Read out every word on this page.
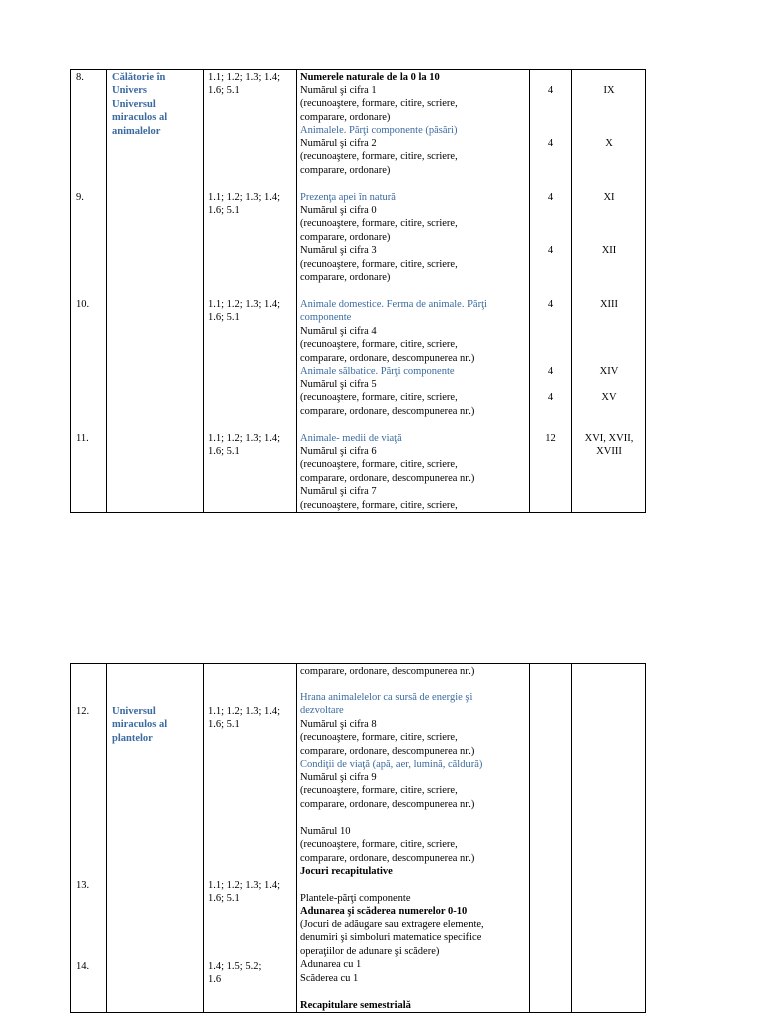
8.
9.
10.
11.
Călătorie în
Univers
Universul
miraculos al
animalelor
1.1; 1.2; 1.3; 1.4;
1.6; 5.1
1.1; 1.2; 1.3; 1.4;
1.6; 5.1
1.1; 1.2; 1.3; 1.4;
1.6; 5.1
1.1; 1.2; 1.3; 1.4;
1.6; 5.1
Numerele naturale de la 0 la 10
Numărul şi cifra 1
(recunoaştere, formare, citire, scriere,
comparare, ordonare)
Animalele. Părţi componente (păsări)
Numărul şi cifra 2
(recunoaştere, formare, citire, scriere,
comparare, ordonare)
Prezenţa apei în natură
Numărul şi cifra 0
(recunoaştere, formare, citire, scriere,
comparare, ordonare)
Numărul şi cifra 3
(recunoaştere, formare, citire, scriere,
comparare, ordonare)
Animale domestice. Ferma de animale. Părţi
componente
Numărul şi cifra 4
(recunoaştere, formare, citire, scriere,
comparare, ordonare, descompunerea nr.)
Animale sălbatice. Părţi componente
Numărul şi cifra 5
(recunoaştere, formare, citire, scriere,
comparare, ordonare, descompunerea nr.)
Animale- medii de viaţă
Numărul şi cifra 6
(recunoaştere, formare, citire, scriere,
comparare, ordonare, descompunerea nr.)
Numărul şi cifra 7
(recunoaştere, formare, citire, scriere,
4
4
4
4
4
4
4
12
IX
X
XI
XII
XIII
XIV
XV
XVI, XVII,
XVIII
12.
13.
14.
Universul
miraculos al
plantelor
1.1; 1.2; 1.3; 1.4;
1.6; 5.1
1.1; 1.2; 1.3; 1.4;
1.6; 5.1
1.4; 1.5; 5.2;
1.6
comparare, ordonare, descompunerea nr.)
Hrana animalelelor ca sursă de energie şi
dezvoltare
Numărul şi cifra 8
(recunoaştere, formare, citire, scriere,
comparare, ordonare, descompunerea nr.)
Condiţii de viaţă (apă, aer, lumină, căldură)
Numărul şi cifra 9
(recunoaştere, formare, citire, scriere,
comparare, ordonare, descompunerea nr.)
Numărul 10
(recunoaştere, formare, citire, scriere,
comparare, ordonare, descompunerea nr.)
Jocuri recapitulative
Plantele-părţi componente
Adunarea şi scăderea numerelor 0-10
(Jocuri de adăugare sau extragere elemente,
denumiri şi simboluri matematice specifice
operaţiilor de adunare şi scădere)
Adunarea cu 1
Scăderea cu 1
Recapitulare semestrială
